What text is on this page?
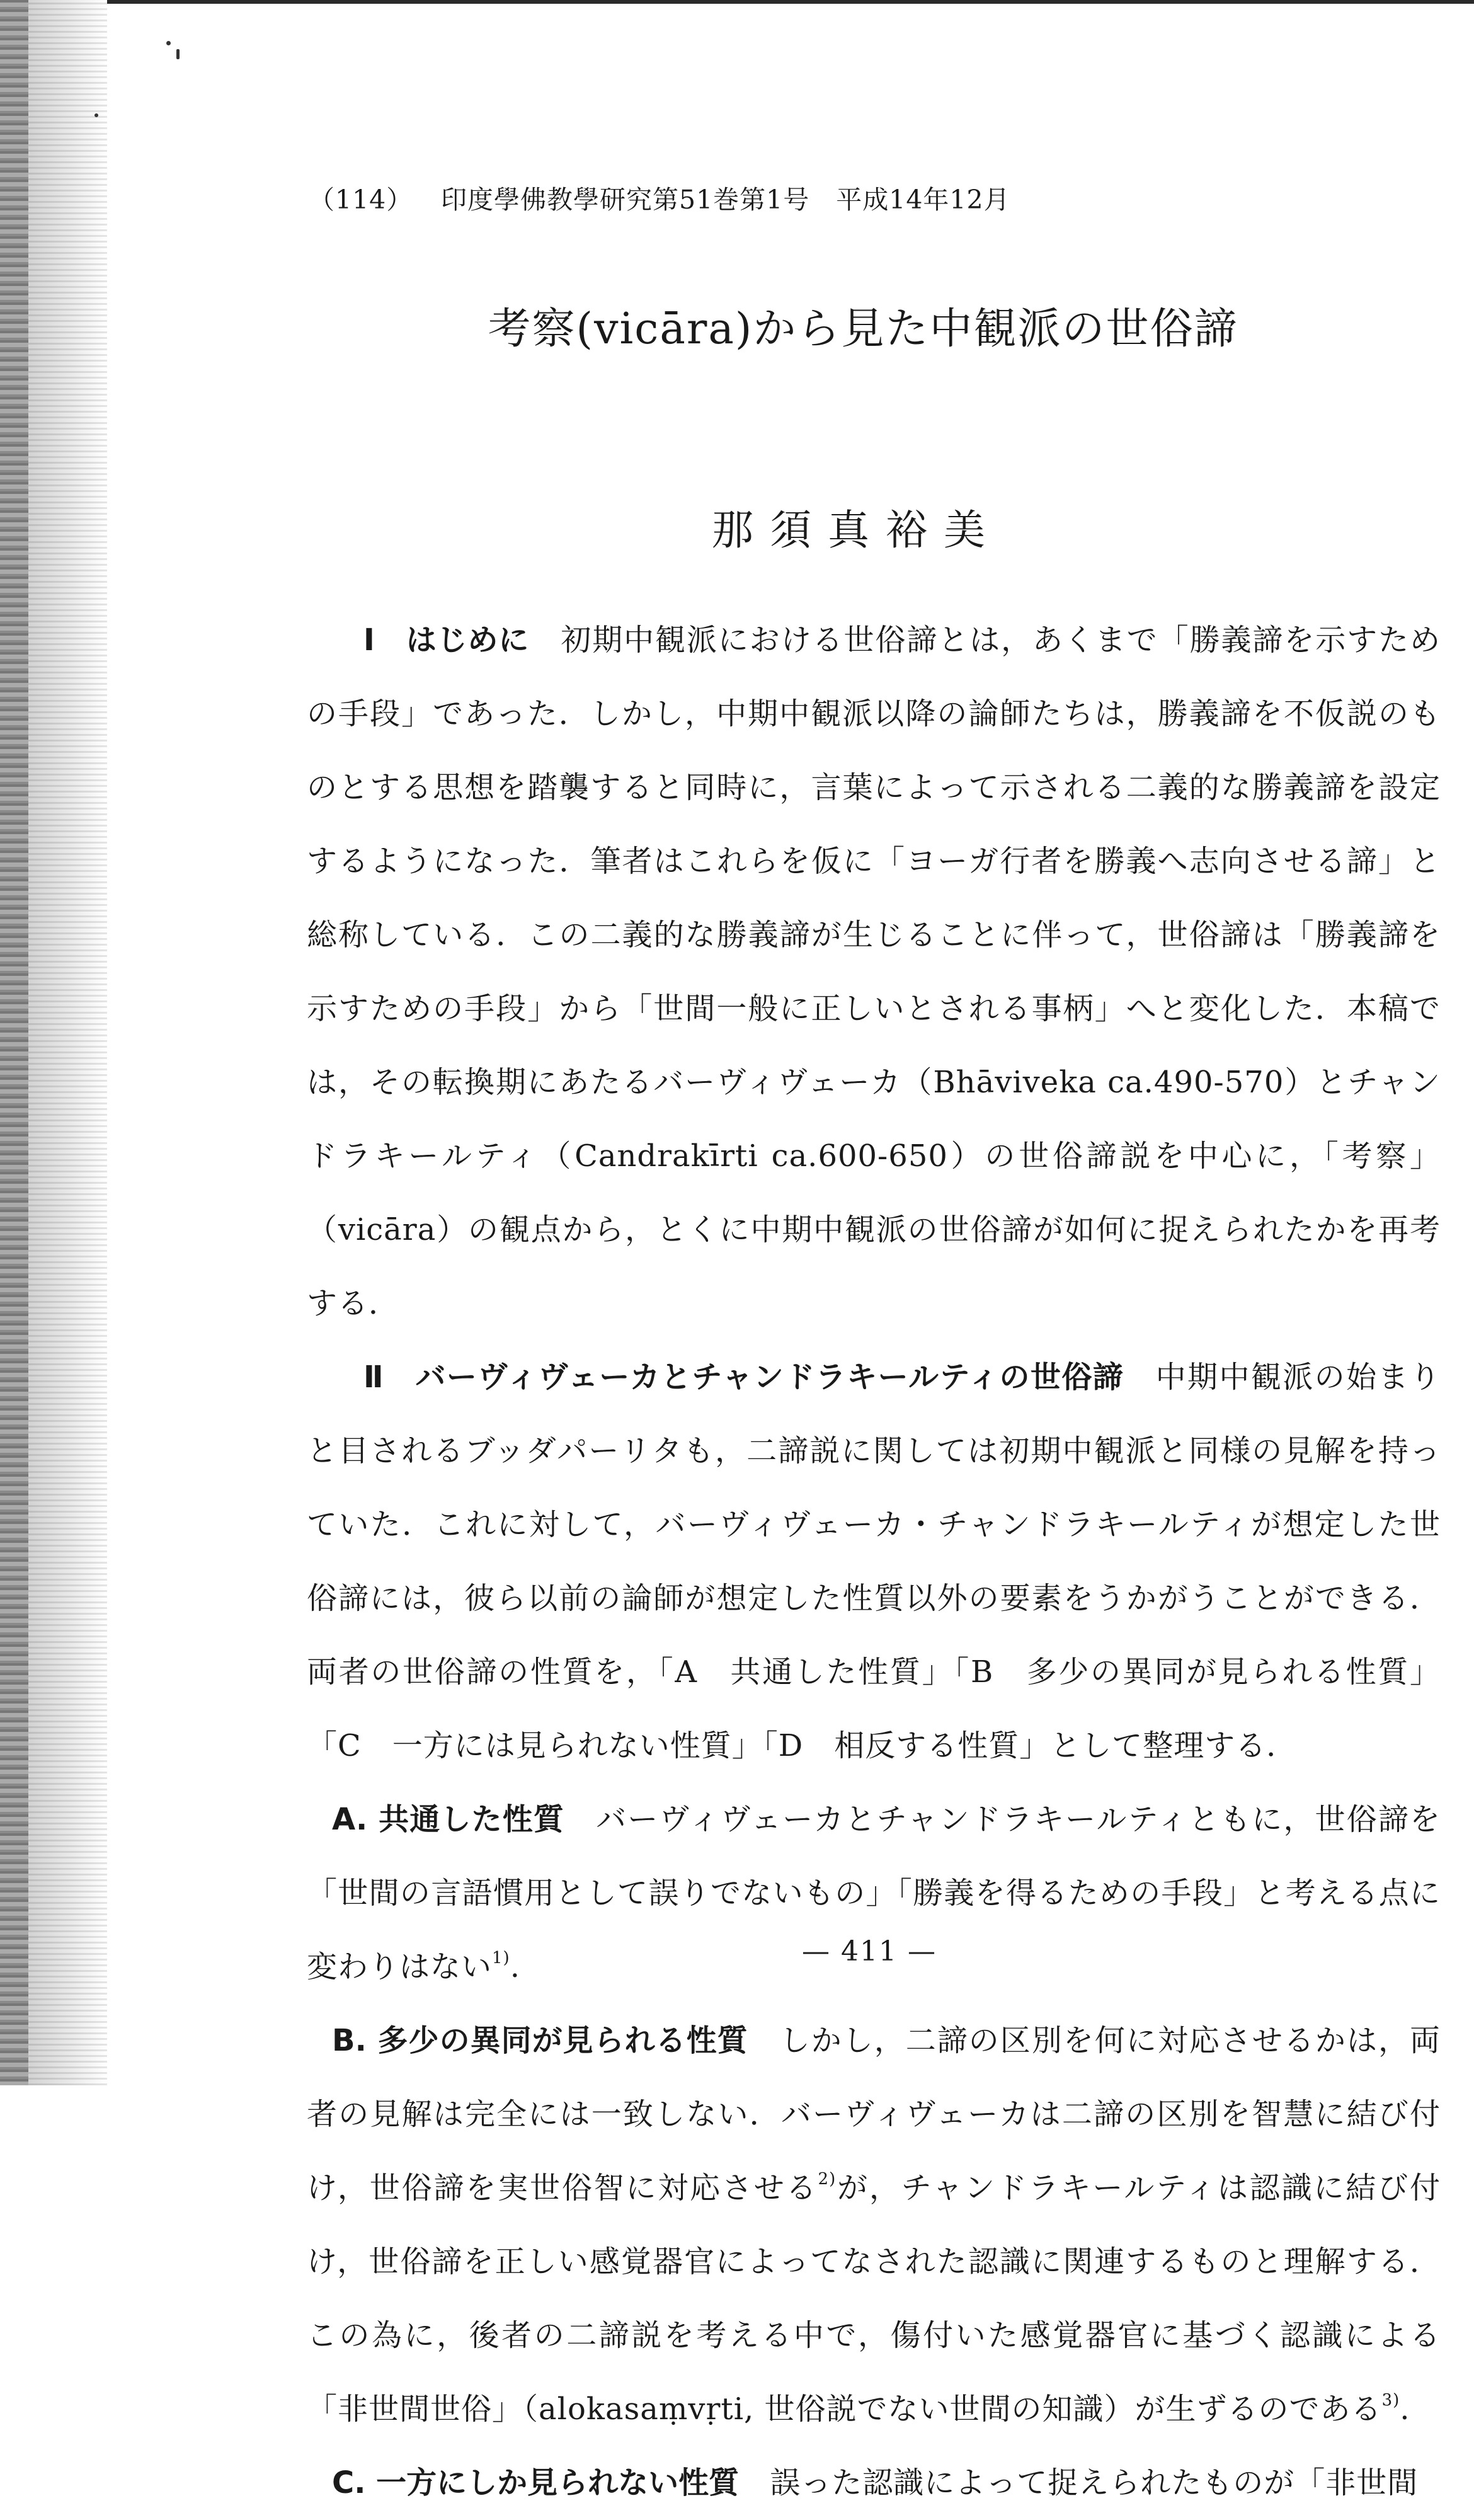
（114）	印度學佛教學研究第51巻第1号　平成14年12月
考察(vicāra)から見た中観派の世俗諦
那須真裕美

Ⅰ　はじめに　初期中観派における世俗諦とは，あくまで「勝義諦を示すための手段」であった．しかし，中期中観派以降の論師たちは，勝義諦を不仮説のものとする思想を踏襲すると同時に，言葉によって示される二義的な勝義諦を設定するようになった．筆者はこれらを仮に「ヨーガ行者を勝義へ志向させる諦」と総称している．この二義的な勝義諦が生じることに伴って，世俗諦は「勝義諦を示すための手段」から「世間一般に正しいとされる事柄」へと変化した．本稿では，その転換期にあたるバーヴィヴェーカ（Bhāviveka ca.490-570）とチャンドラキールティ（Candrakīrti ca.600-650）の世俗諦説を中心に，「考察」（vicāra）の観点から，とくに中期中観派の世俗諦が如何に捉えられたかを再考する．

Ⅱ　バーヴィヴェーカとチャンドラキールティの世俗諦　中期中観派の始まりと目されるブッダパーリタも，二諦説に関しては初期中観派と同様の見解を持っていた．これに対して，バーヴィヴェーカ・チャンドラキールティが想定した世俗諦には，彼ら以前の論師が想定した性質以外の要素をうかがうことができる．両者の世俗諦の性質を，「A　共通した性質」「B　多少の異同が見られる性質」「C　一方には見られない性質」「D　相反する性質」として整理する．

A. 共通した性質　バーヴィヴェーカとチャンドラキールティともに，世俗諦を「世間の言語慣用として誤りでないもの」「勝義を得るための手段」と考える点に変わりはない$^{1)}$.

B. 多少の異同が見られる性質　しかし，二諦の区別を何に対応させるかは，両者の見解は完全には一致しない．バーヴィヴェーカは二諦の区別を智慧に結び付け，世俗諦を実世俗智に対応させる$^{2)}$が，チャンドラキールティは認識に結び付け，世俗諦を正しい感覚器官によってなされた認識に関連するものと理解する．この為に，後者の二諦説を考える中で，傷付いた感覚器官に基づく認識による「非世間世俗」（alokasaṃvṛti, 世俗説でない世間の知識）が生ずるのである$^{3)}$.

C. 一方にしか見られない性質　誤った認識によって捉えられたものが「非世間

— 411 —
